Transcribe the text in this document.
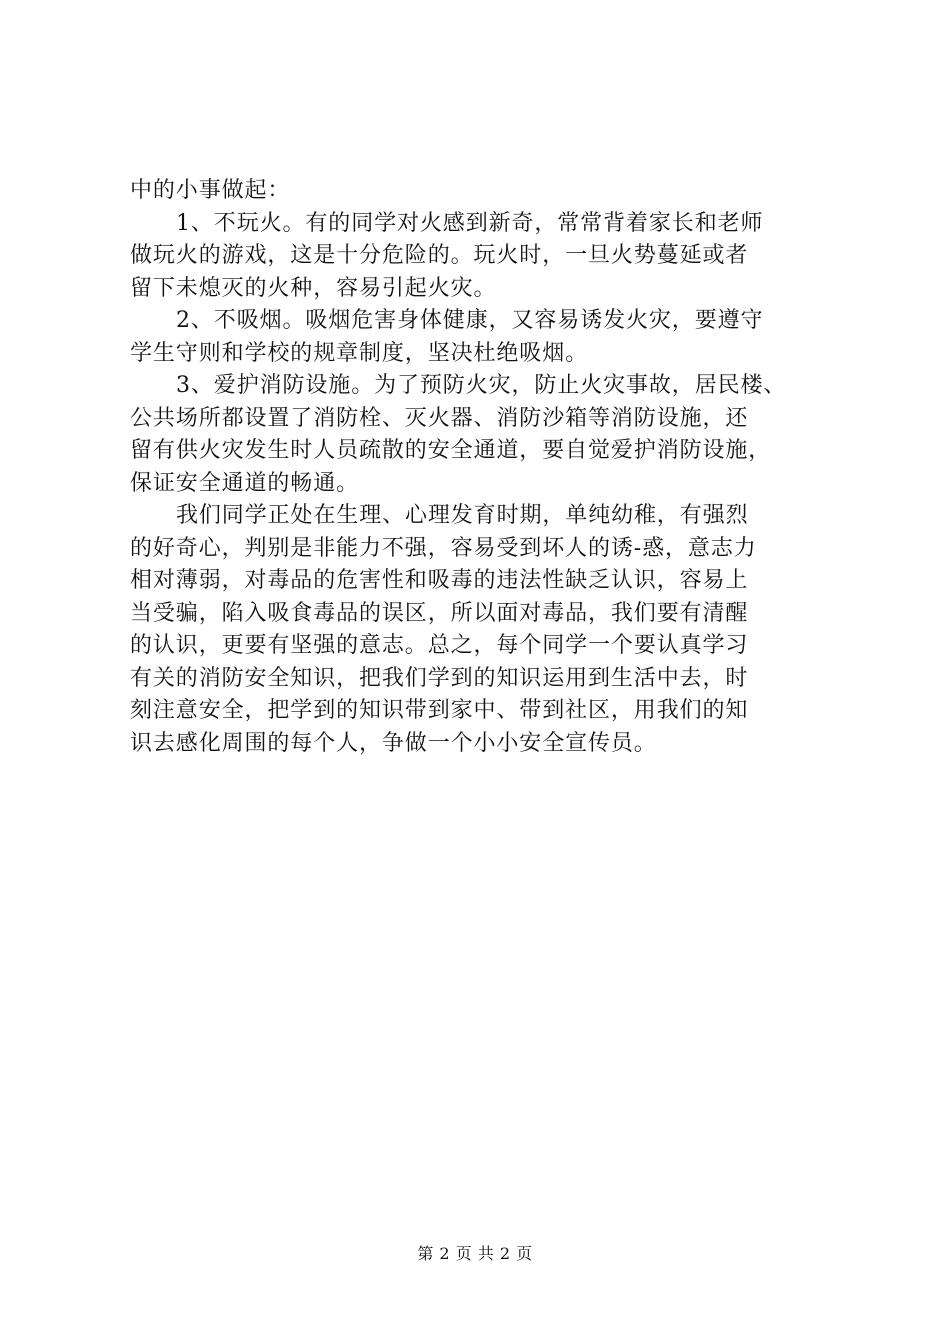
中的小事做起：
1、不玩火。有的同学对火感到新奇，常常背着家长和老师
做玩火的游戏，这是十分危险的。玩火时，一旦火势蔓延或者
留下未熄灭的火种，容易引起火灾。
2、不吸烟。吸烟危害身体健康，又容易诱发火灾，要遵守
学生守则和学校的规章制度，坚决杜绝吸烟。
3、爱护消防设施。为了预防火灾，防止火灾事故，居民楼、
公共场所都设置了消防栓、灭火器、消防沙箱等消防设施，还
留有供火灾发生时人员疏散的安全通道，要自觉爱护消防设施，
保证安全通道的畅通。
我们同学正处在生理、心理发育时期，单纯幼稚，有强烈
的好奇心，判别是非能力不强，容易受到坏人的诱-惑，意志力
相对薄弱，对毒品的危害性和吸毒的违法性缺乏认识，容易上
当受骗，陷入吸食毒品的误区，所以面对毒品，我们要有清醒
的认识，更要有坚强的意志。总之，每个同学一个要认真学习
有关的消防安全知识，把我们学到的知识运用到生活中去，时
刻注意安全，把学到的知识带到家中、带到社区，用我们的知
识去感化周围的每个人，争做一个小小安全宣传员。
第 2 页 共 2 页
